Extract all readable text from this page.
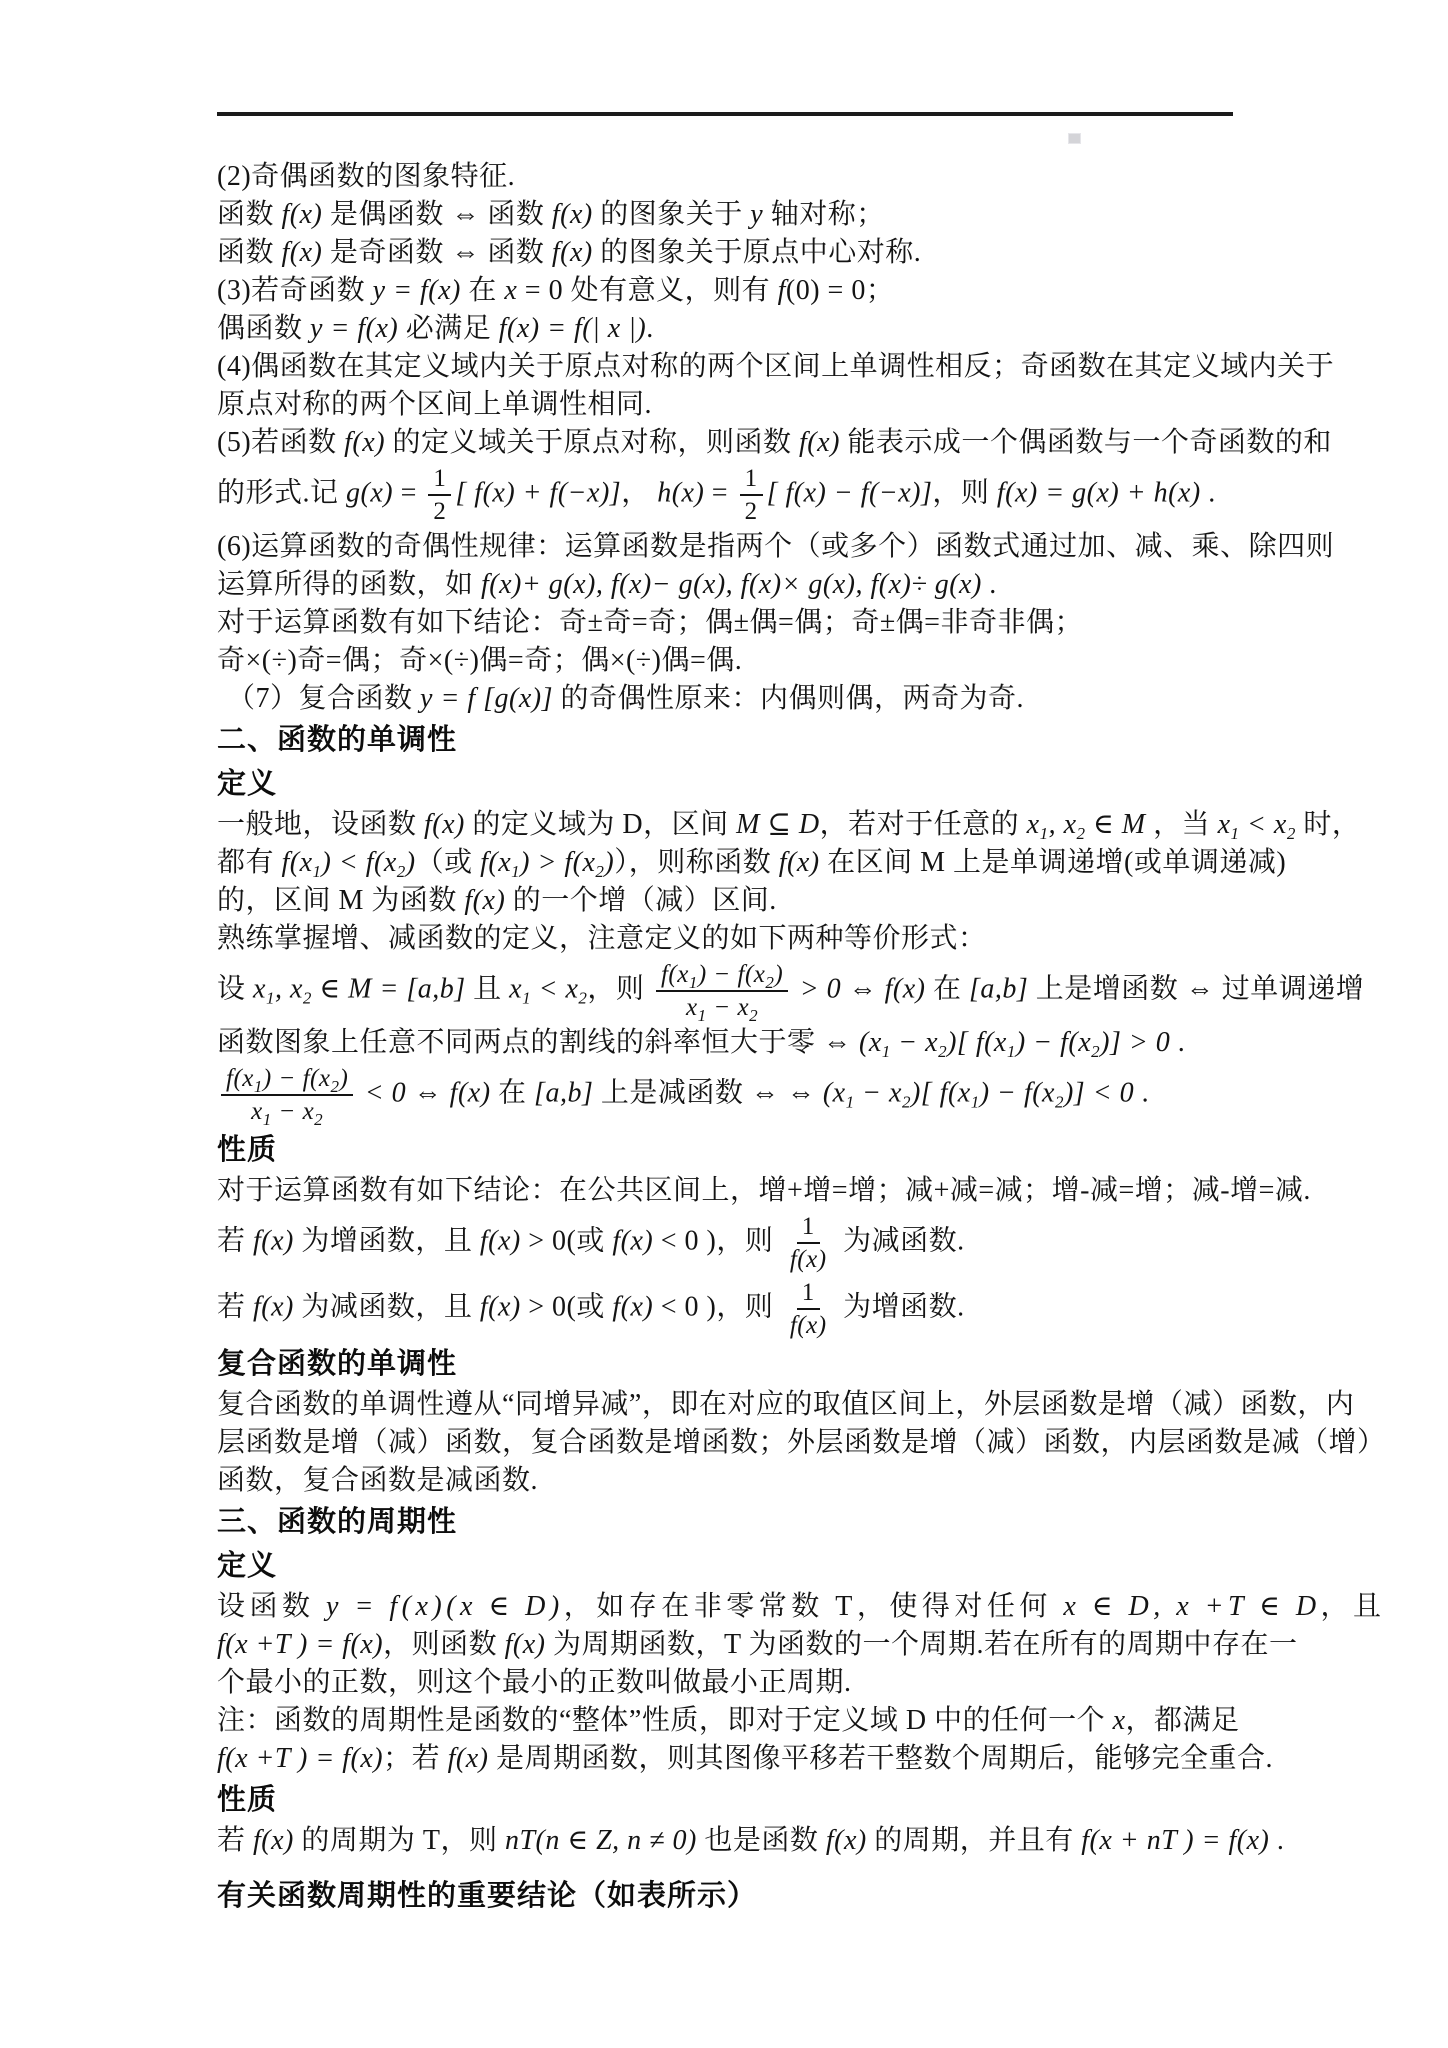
(2)奇偶函数的图象特征.
函数 f(x) 是偶函数 ⇔ 函数 f(x) 的图象关于 y 轴对称；
函数 f(x) 是奇函数 ⇔ 函数 f(x) 的图象关于原点中心对称.
(3)若奇函数 y = f(x) 在 x = 0 处有意义，则有 f(0) = 0；
偶函数 y = f(x) 必满足 f(x) = f(| x |).
(4)偶函数在其定义域内关于原点对称的两个区间上单调性相反；奇函数在其定义域内关于
原点对称的两个区间上单调性相同.
(5)若函数 f(x) 的定义域关于原点对称，则函数 f(x) 能表示成一个偶函数与一个奇函数的和
的形式.记 $g(x) = \frac{1}{2}$ [ f(x) + f(−x)]， $h(x) = \frac{1}{2}$ [ f(x) − f(−x)]，则 f(x) = g(x) + h(x) .
(6)运算函数的奇偶性规律：运算函数是指两个（或多个）函数式通过加、减、乘、除四则
运算所得的函数，如 f(x)+ g(x), f(x)− g(x), f(x)× g(x), f(x)÷ g(x) .
对于运算函数有如下结论：奇±奇=奇；偶±偶=偶；奇±偶=非奇非偶；
奇×(÷)奇=偶；奇×(÷)偶=奇；偶×(÷)偶=偶.
（7）复合函数 y = f [g(x)] 的奇偶性原来：内偶则偶，两奇为奇.
二、函数的单调性
定义
一般地，设函数 f(x) 的定义域为 D，区间 M ⊆ D，若对于任意的 $x_1$, $x_2$ ∈ M ，当 $x_1 < x_2$ 时，
都有 $f(x_1) < f(x_2)$（或 $f(x_1) > f(x_2)$），则称函数 f(x) 在区间 M 上是单调递增(或单调递减)
的，区间 M 为函数 f(x) 的一个增（减）区间.
熟练掌握增、减函数的定义，注意定义的如下两种等价形式：
设 $x_1$, $x_2$ ∈ M = [a,b] 且 $x_1 < x_2$，则 $\frac{f(x_1) - f(x_2)}{x_1 - x_2} > 0$ ⇔ f(x) 在 [a,b] 上是增函数 ⇔ 过单调递增
函数图象上任意不同两点的割线的斜率恒大于零 ⇔ $(x_1 - x_2)$[ $f(x_1) - f(x_2)] > 0$ .
$\frac{f(x_1) - f(x_2)}{x_1 - x_2} < 0$ ⇔ f(x) 在 [a,b] 上是减函数 ⇔ ⇔ $(x_1 - x_2)$[ $f(x_1) - f(x_2)] < 0$ .
性质
对于运算函数有如下结论：在公共区间上，增+增=增；减+减=减；增-减=增；减-增=减.
若 f(x) 为增函数，且 f(x) > 0(或 f(x) < 0 )，则 $\frac{1}{f(x)}$ 为减函数.
若 f(x) 为减函数，且 f(x) > 0(或 f(x) < 0 )，则 $\frac{1}{f(x)}$ 为增函数.
复合函数的单调性
复合函数的单调性遵从“同增异减”，即在对应的取值区间上，外层函数是增（减）函数，内
层函数是增（减）函数，复合函数是增函数；外层函数是增（减）函数，内层函数是减（增）
函数，复合函数是减函数.
三、函数的周期性
定义
设函数 y = f(x)(x ∈ D)，如存在非零常数 T，使得对任何 x ∈ D, x +T ∈ D，且
f(x +T ) = f(x)，则函数 f(x) 为周期函数，T 为函数的一个周期.若在所有的周期中存在一
个最小的正数，则这个最小的正数叫做最小正周期.
注：函数的周期性是函数的“整体”性质，即对于定义域 D 中的任何一个 x，都满足
f(x +T ) = f(x)；若 f(x) 是周期函数，则其图像平移若干整数个周期后，能够完全重合.
性质
若 f(x) 的周期为 T，则 nT(n ∈ Z, n ≠ 0) 也是函数 f(x) 的周期，并且有 f(x + nT ) = f(x) .
有关函数周期性的重要结论（如表所示）
